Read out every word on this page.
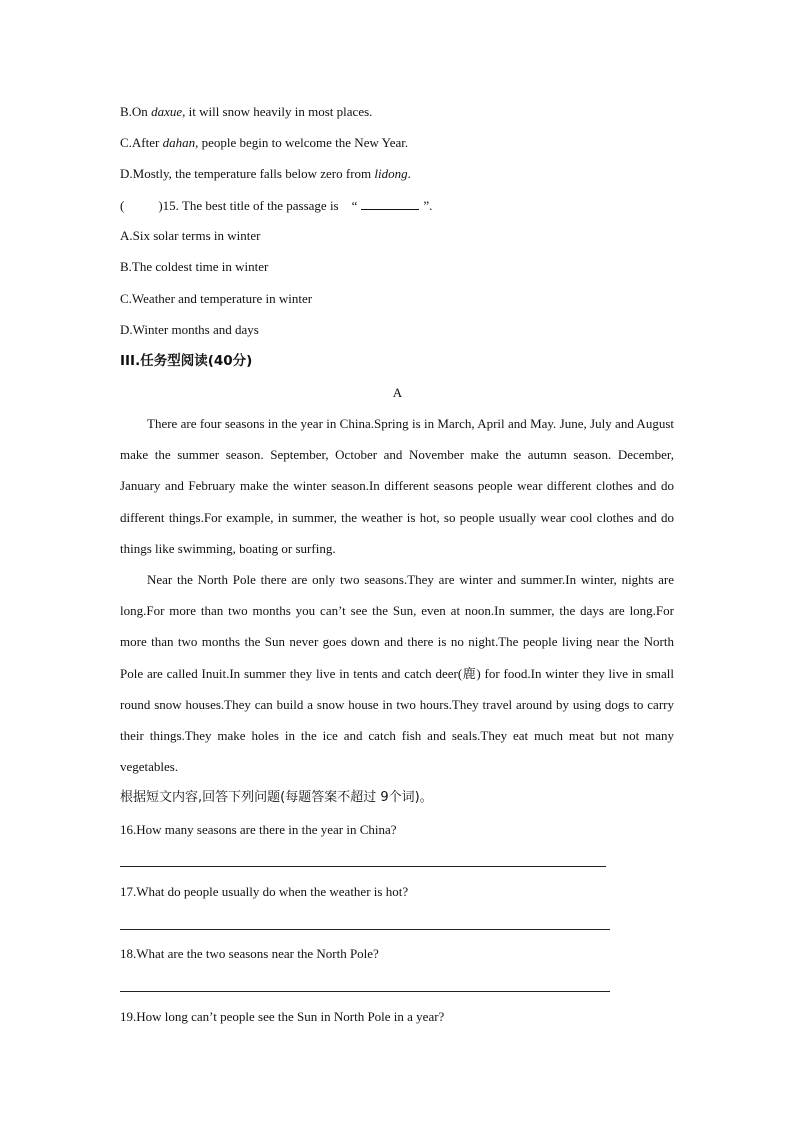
B.On daxue, it will snow heavily in most places.
C.After dahan, people begin to welcome the New Year.
D.Mostly, the temperature falls below zero from lidong.
(	)15. The best title of the passage is “	”.
A.Six solar terms in winter
B.The coldest time in winter
C.Weather and temperature in winter
D.Winter months and days
III.任务型阅读(40分)
A
There are four seasons in the year in China.Spring is in March, April and May. June, July and August make the summer season. September, October and November make the autumn season. December, January and February make the winter season.In different seasons people wear different clothes and do different things.For example, in summer, the weather is hot, so people usually wear cool clothes and do things like swimming, boating or surfing.
Near the North Pole there are only two seasons.They are winter and summer.In winter, nights are long.For more than two months you can’t see the Sun, even at noon.In summer, the days are long.For more than two months the Sun never goes down and there is no night.The people living near the North Pole are called Inuit.In summer they live in tents and catch deer(鹿) for food.In winter they live in small round snow houses.They can build a snow house in two hours.They travel around by using dogs to carry their things.They make holes in the ice and catch fish and seals.They eat much meat but not many vegetables.
根据短文内容,回答下列问题(每题答案不超过 9个词)。
16.How many seasons are there in the year in China?
17.What do people usually do when the weather is hot?
18.What are the two seasons near the North Pole?
19.How long can’t people see the Sun in North Pole in a year?
